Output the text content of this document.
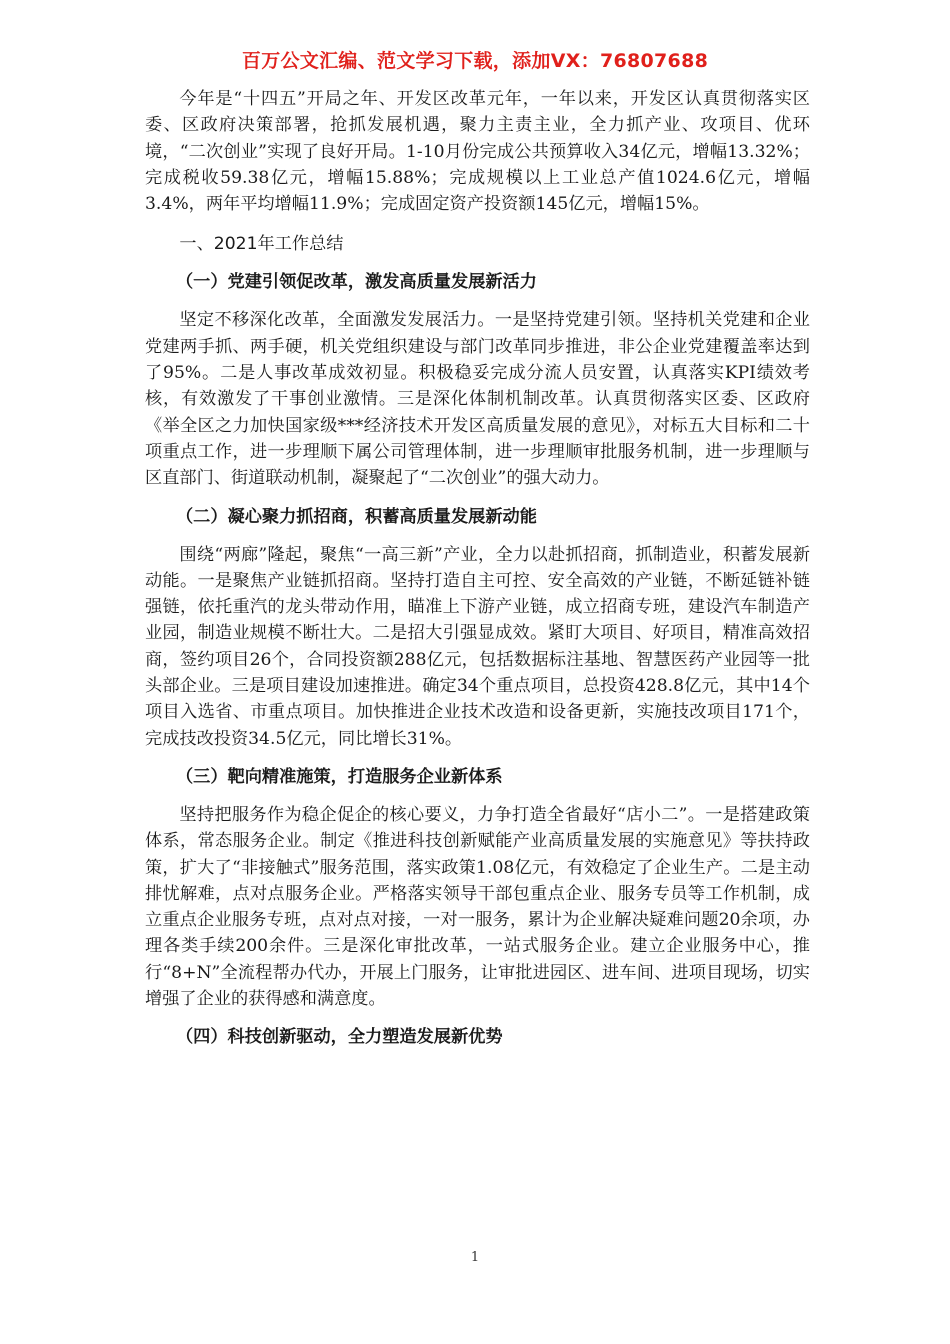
百万公文汇编、范文学习下载，添加VX：76807688

今年是“十四五”开局之年、开发区改革元年，一年以来，开发区认真贯彻落实区委、区政府决策部署，抢抓发展机遇，聚力主责主业，全力抓产业、攻项目、优环境，“二次创业”实现了良好开局。1-10月份完成公共预算收入34亿元，增幅13.32%；完成税收59.38亿元，增幅15.88%；完成规模以上工业总产值1024.6亿元，增幅3.4%，两年平均增幅11.9%；完成固定资产投资额145亿元，增幅15%。

一、2021年工作总结
（一）党建引领促改革，激发高质量发展新活力

坚定不移深化改革，全面激发发展活力。一是坚持党建引领。坚持机关党建和企业党建两手抓、两手硬，机关党组织建设与部门改革同步推进，非公企业党建覆盖率达到了95%。二是人事改革成效初显。积极稳妥完成分流人员安置，认真落实KPI绩效考核，有效激发了干事创业激情。三是深化体制机制改革。认真贯彻落实区委、区政府《举全区之力加快国家级***经济技术开发区高质量发展的意见》，对标五大目标和二十项重点工作，进一步理顺下属公司管理体制，进一步理顺审批服务机制，进一步理顺与区直部门、街道联动机制，凝聚起了“二次创业”的强大动力。

（二）凝心聚力抓招商，积蓄高质量发展新动能

围绕“两廊”隆起，聚焦“一高三新”产业，全力以赴抓招商，抓制造业，积蓄发展新动能。一是聚焦产业链抓招商。坚持打造自主可控、安全高效的产业链，不断延链补链强链，依托重汽的龙头带动作用，瞄准上下游产业链，成立招商专班，建设汽车制造产业园，制造业规模不断壮大。二是招大引强显成效。紧盯大项目、好项目，精准高效招商，签约项目26个，合同投资额288亿元，包括数据标注基地、智慧医药产业园等一批头部企业。三是项目建设加速推进。确定34个重点项目，总投资428.8亿元，其中14个项目入选省、市重点项目。加快推进企业技术改造和设备更新，实施技改项目171个，完成技改投资34.5亿元，同比增长31%。

（三）靶向精准施策，打造服务企业新体系

坚持把服务作为稳企促企的核心要义，力争打造全省最好“店小二”。一是搭建政策体系，常态服务企业。制定《推进科技创新赋能产业高质量发展的实施意见》等扶持政策，扩大了“非接触式”服务范围，落实政策1.08亿元，有效稳定了企业生产。二是主动排忧解难，点对点服务企业。严格落实领导干部包重点企业、服务专员等工作机制，成立重点企业服务专班，点对点对接，一对一服务，累计为企业解决疑难问题20余项，办理各类手续200余件。三是深化审批改革，一站式服务企业。建立企业服务中心，推行“8+N”全流程帮办代办，开展上门服务，让审批进园区、进车间、进项目现场，切实增强了企业的获得感和满意度。

（四）科技创新驱动，全力塑造发展新优势
1
